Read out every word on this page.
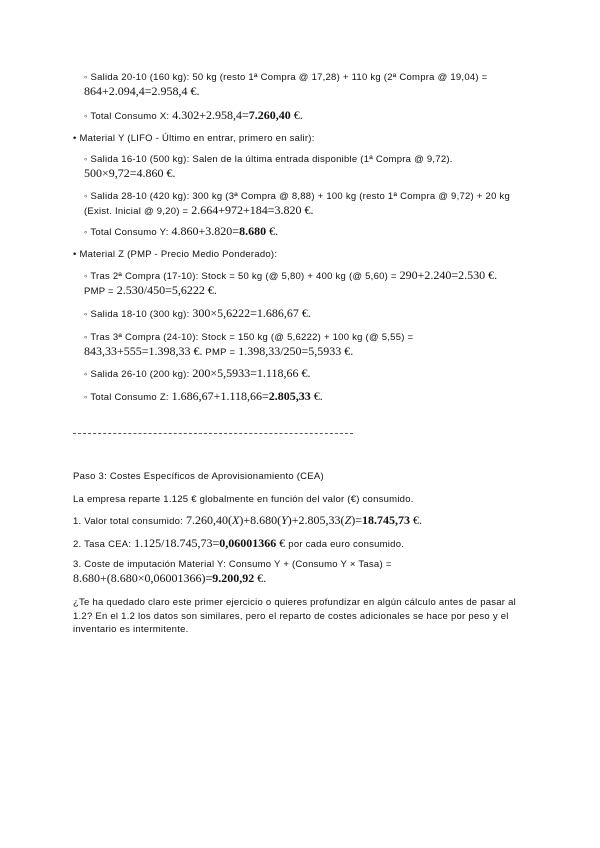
◦ Salida 20-10 (160 kg): 50 kg (resto 1ª Compra @ 17,28) + 110 kg (2ª Compra @ 19,04) =
864+2.094,4=2.958,4 €.
◦ Total Consumo X: 4.302+2.958,4=7.260,40 €.
• Material Y (LIFO - Último en entrar, primero en salir):
◦ Salida 16-10 (500 kg): Salen de la última entrada disponible (1ª Compra @ 9,72).
500×9,72=4.860 €.
◦ Salida 28-10 (420 kg): 300 kg (3ª Compra @ 8,88) + 100 kg (resto 1ª Compra @ 9,72) + 20 kg (Exist. Inicial @ 9,20) = 2.664+972+184=3.820 €.
◦ Total Consumo Y: 4.860+3.820=8.680 €.
• Material Z (PMP - Precio Medio Ponderado):
◦ Tras 2ª Compra (17-10): Stock = 50 kg (@ 5,80) + 400 kg (@ 5,60) = 290+2.240=2.530 €.
PMP = 2.530/450=5,6222 €.
◦ Salida 18-10 (300 kg): 300×5,6222=1.686,67 €.
◦ Tras 3ª Compra (24-10): Stock = 150 kg (@ 5,6222) + 100 kg (@ 5,55) =
843,33+555=1.398,33 €. PMP = 1.398,33/250=5,5933 €.
◦ Salida 26-10 (200 kg): 200×5,5933=1.118,66 €.
◦ Total Consumo Z: 1.686,67+1.118,66=2.805,33 €.
Paso 3: Costes Específicos de Aprovisionamiento (CEA)
La empresa reparte 1.125 € globalmente en función del valor (€) consumido.
1. Valor total consumido: 7.260,40(X)+8.680(Y)+2.805,33(Z)=18.745,73 €.
2. Tasa CEA: 1.125/18.745,73=0,06001366 € por cada euro consumido.
3. Coste de imputación Material Y: Consumo Y + (Consumo Y × Tasa) =
8.680+(8.680×0,06001366)=9.200,92 €.
¿Te ha quedado claro este primer ejercicio o quieres profundizar en algún cálculo antes de pasar al 1.2? En el 1.2 los datos son similares, pero el reparto de costes adicionales se hace por peso y el inventario es intermitente.
